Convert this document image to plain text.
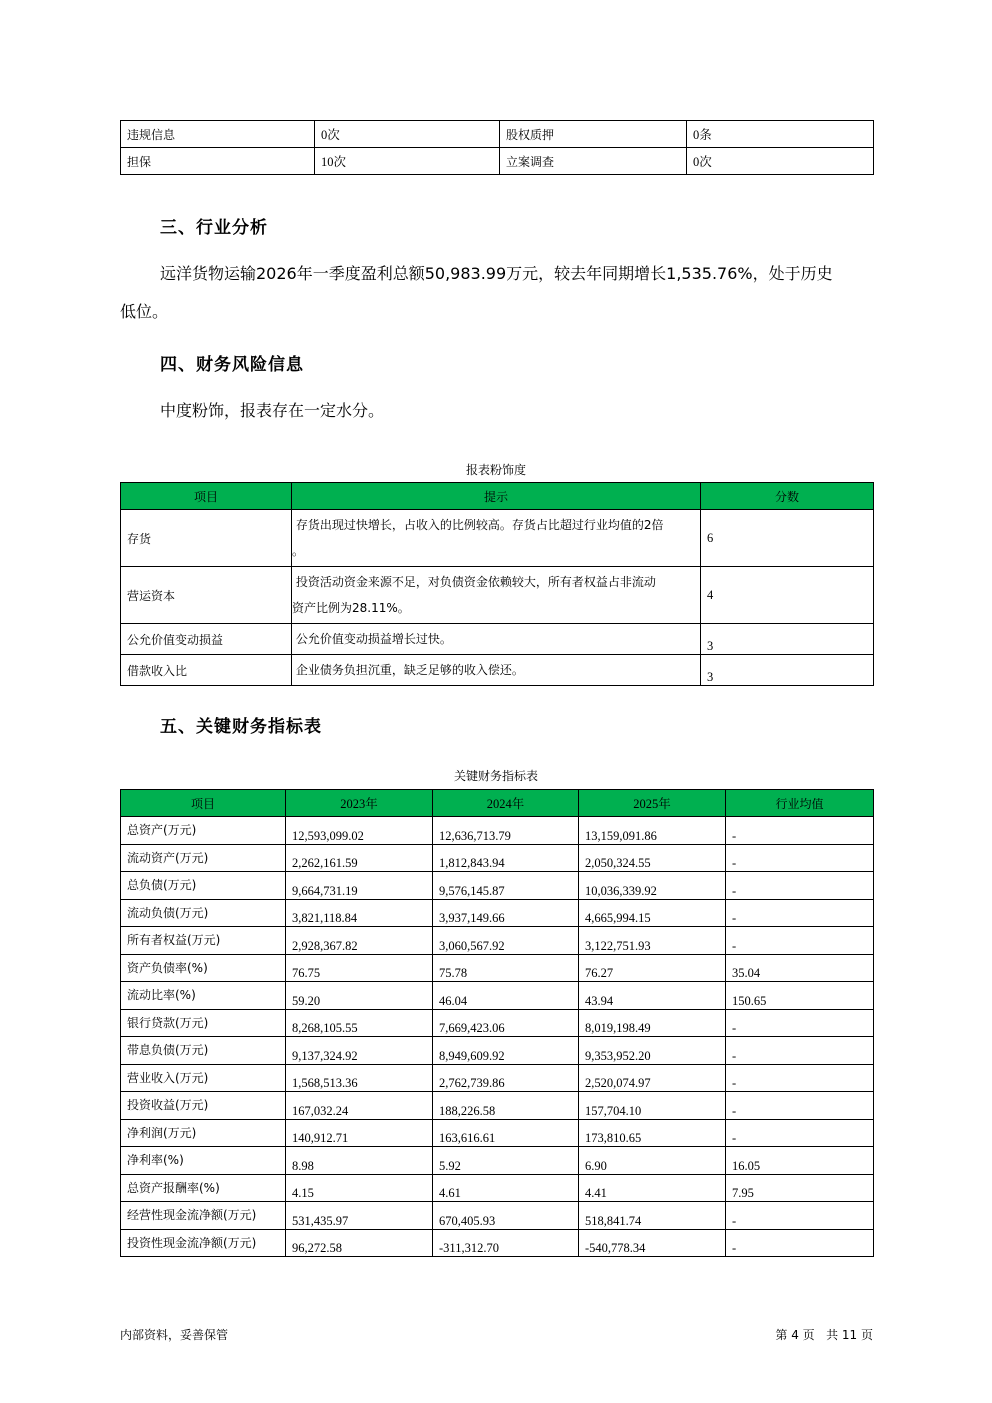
违规信息	0次	股权质押	0条
担保	10次	立案调查	0次
三、行业分析
远洋货物运输2026年一季度盈利总额50,983.99万元，较去年同期增长1,535.76%，处于历史
低位。
四、财务风险信息
中度粉饰，报表存在一定水分。
报表粉饰度
项目	提示	分数
存货	存货出现过快增长，占收入的比例较高。存货占比超过行业均值的2倍
。	6
营运资本	投资活动资金来源不足，对负债资金依赖较大，所有者权益占非流动
资产比例为28.11%。	4
公允价值变动损益	公允价值变动损益增长过快。	3
借款收入比	企业债务负担沉重，缺乏足够的收入偿还。	3
五、关键财务指标表
关键财务指标表
项目	2023年	2024年	2025年	行业均值
总资产(万元)	12,593,099.02	12,636,713.79	13,159,091.86	-
流动资产(万元)	2,262,161.59	1,812,843.94	2,050,324.55	-
总负债(万元)	9,664,731.19	9,576,145.87	10,036,339.92	-
流动负债(万元)	3,821,118.84	3,937,149.66	4,665,994.15	-
所有者权益(万元)	2,928,367.82	3,060,567.92	3,122,751.93	-
资产负债率(%)	76.75	75.78	76.27	35.04
流动比率(%)	59.20	46.04	43.94	150.65
银行贷款(万元)	8,268,105.55	7,669,423.06	8,019,198.49	-
带息负债(万元)	9,137,324.92	8,949,609.92	9,353,952.20	-
营业收入(万元)	1,568,513.36	2,762,739.86	2,520,074.97	-
投资收益(万元)	167,032.24	188,226.58	157,704.10	-
净利润(万元)	140,912.71	163,616.61	173,810.65	-
净利率(%)	8.98	5.92	6.90	16.05
总资产报酬率(%)	4.15	4.61	4.41	7.95
经营性现金流净额(万元)	531,435.97	670,405.93	518,841.74	-
投资性现金流净额(万元)	96,272.58	-311,312.70	-540,778.34	-
内部资料，妥善保管	第 4 页   共 11 页
